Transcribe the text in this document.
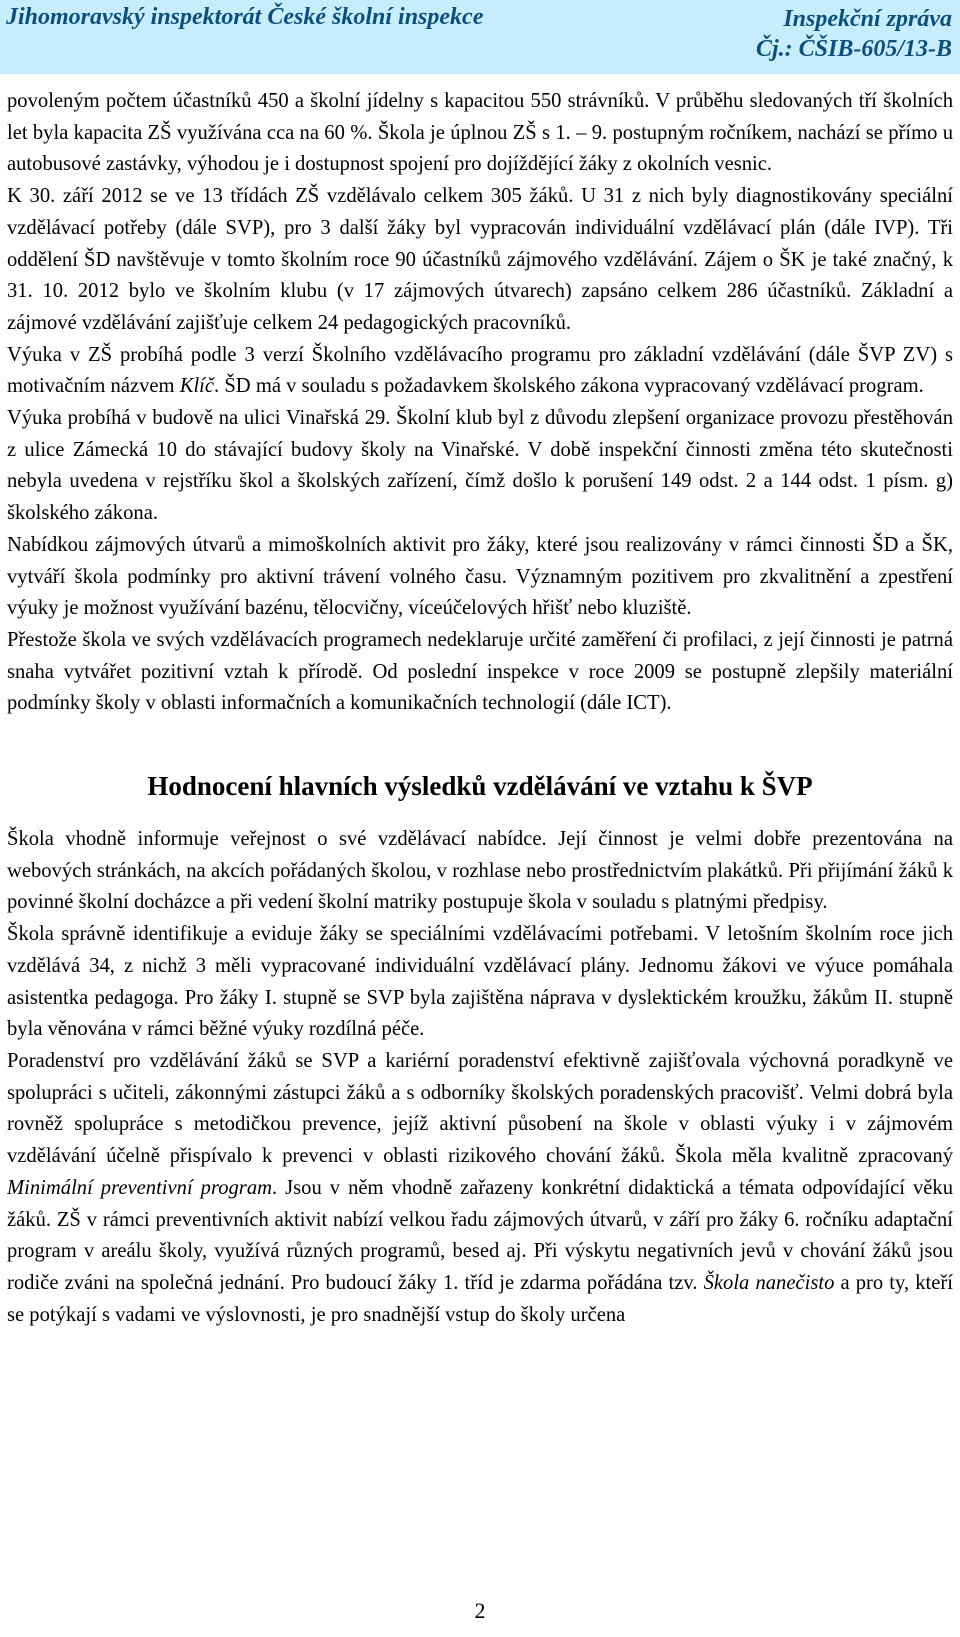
Jihomoravský inspektorát České školní inspekce	Inspekční zpráva
Čj.: ČŠIB-605/13-B

povoleným počtem účastníků 450 a školní jídelny s kapacitou 550 strávníků. V průběhu sledovaných tří školních let byla kapacita ZŠ využívána cca na 60 %. Škola je úplnou ZŠ s 1. – 9. postupným ročníkem, nachází se přímo u autobusové zastávky, výhodou je i dostupnost spojení pro dojíždějící žáky z okolních vesnic.

K 30. září 2012 se ve 13 třídách ZŠ vzdělávalo celkem 305 žáků. U 31 z nich byly diagnostikovány speciální vzdělávací potřeby (dále SVP), pro 3 další žáky byl vypracován individuální vzdělávací plán (dále IVP). Tři oddělení ŠD navštěvuje v tomto školním roce 90 účastníků zájmového vzdělávání. Zájem o ŠK je také značný, k 31. 10. 2012 bylo ve školním klubu (v 17 zájmových útvarech) zapsáno celkem 286 účastníků. Základní a zájmové vzdělávání zajišťuje celkem 24 pedagogických pracovníků.

Výuka v ZŠ probíhá podle 3 verzí Školního vzdělávacího programu pro základní vzdělávání (dále ŠVP ZV) s motivačním názvem Klíč. ŠD má v souladu s požadavkem školského zákona vypracovaný vzdělávací program.

Výuka probíhá v budově na ulici Vinařská 29. Školní klub byl z důvodu zlepšení organizace provozu přestěhován z ulice Zámecká 10 do stávající budovy školy na Vinařské. V době inspekční činnosti změna této skutečnosti nebyla uvedena v rejstříku škol a školských zařízení, čímž došlo k porušení 149 odst. 2 a 144 odst. 1 písm. g) školského zákona.

Nabídkou zájmových útvarů a mimoškolních aktivit pro žáky, které jsou realizovány v rámci činnosti ŠD a ŠK, vytváří škola podmínky pro aktivní trávení volného času. Významným pozitivem pro zkvalitnění a zpestření výuky je možnost využívání bazénu, tělocvičny, víceúčelových hřišť nebo kluziště.

Přestože škola ve svých vzdělávacích programech nedeklaruje určité zaměření či profilaci, z její činnosti je patrná snaha vytvářet pozitivní vztah k přírodě. Od poslední inspekce v roce 2009 se postupně zlepšily materiální podmínky školy v oblasti informačních a komunikačních technologií (dále ICT).

Hodnocení hlavních výsledků vzdělávání ve vztahu k ŠVP

Škola vhodně informuje veřejnost o své vzdělávací nabídce. Její činnost je velmi dobře prezentována na webových stránkách, na akcích pořádaných školou, v rozhlase nebo prostřednictvím plakátků. Při přijímání žáků k povinné školní docházce a při vedení školní matriky postupuje škola v souladu s platnými předpisy.

Škola správně identifikuje a eviduje žáky se speciálními vzdělávacími potřebami. V letošním školním roce jich vzdělává 34, z nichž 3 měli vypracované individuální vzdělávací plány. Jednomu žákovi ve výuce pomáhala asistentka pedagoga. Pro žáky I. stupně se SVP byla zajištěna náprava v dyslektickém kroužku, žákům II. stupně byla věnována v rámci běžné výuky rozdílná péče.

Poradenství pro vzdělávání žáků se SVP a kariérní poradenství efektivně zajišťovala výchovná poradkyně ve spolupráci s učiteli, zákonnými zástupci žáků a s odborníky školských poradenských pracovišť. Velmi dobrá byla rovněž spolupráce s metodičkou prevence, jejíž aktivní působení na škole v oblasti výuky i v zájmovém vzdělávání účelně přispívalo k prevenci v oblasti rizikového chování žáků. Škola měla kvalitně zpracovaný Minimální preventivní program. Jsou v něm vhodně zařazeny konkrétní didaktická a témata odpovídající věku žáků. ZŠ v rámci preventivních aktivit nabízí velkou řadu zájmových útvarů, v září pro žáky 6. ročníku adaptační program v areálu školy, využívá různých programů, besed aj. Při výskytu negativních jevů v chování žáků jsou rodiče zváni na společná jednání. Pro budoucí žáky 1. tříd je zdarma pořádána tzv. Škola nanečisto a pro ty, kteří se potýkají s vadami ve výslovnosti, je pro snadnější vstup do školy určena

2
